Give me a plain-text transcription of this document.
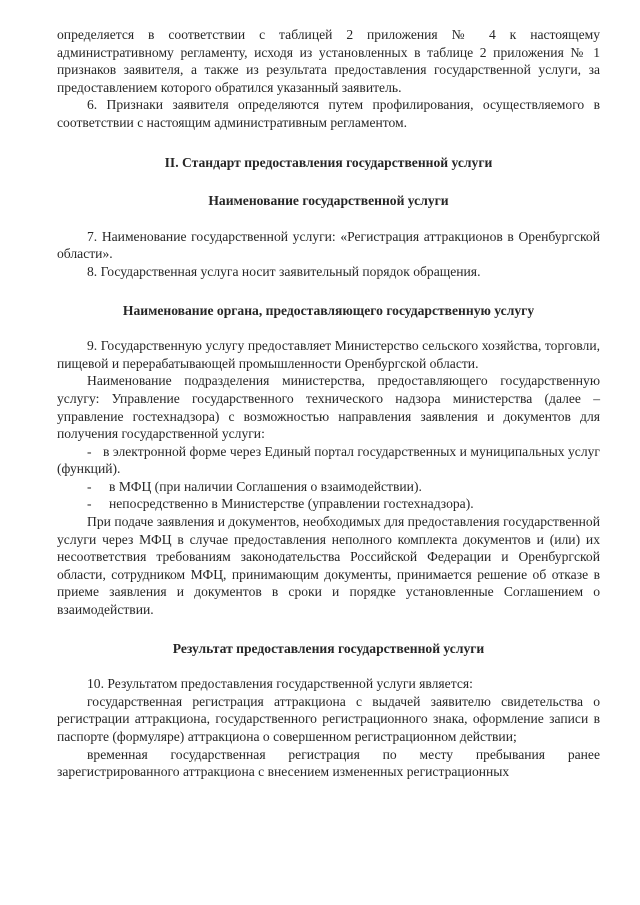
определяется в соответствии с таблицей 2 приложения № 4 к настоящему административному регламенту, исходя из установленных в таблице 2 приложения № 1 признаков заявителя, а также из результата предоставления государственной услуги, за предоставлением которого обратился указанный заявитель.

6. Признаки заявителя определяются путем профилирования, осуществляемого в соответствии с настоящим административным регламентом.

II. Стандарт предоставления государственной услуги

Наименование государственной услуги

7. Наименование государственной услуги: «Регистрация аттракционов в Оренбургской области».

8. Государственная услуга носит заявительный порядок обращения.

Наименование органа, предоставляющего государственную услугу

9. Государственную услугу предоставляет Министерство сельского хозяйства, торговли, пищевой и перерабатывающей промышленности Оренбургской области.

Наименование подразделения министерства, предоставляющего государственную услугу: Управление государственного технического надзора министерства (далее – управление гостехнадзора) с возможностью направления заявления и документов для получения государственной услуги:

- в электронной форме через Единый портал государственных и муниципальных услуг (функций).
-	в МФЦ (при наличии Соглашения о взаимодействии).
-	непосредственно в Министерстве (управлении гостехнадзора).

При подаче заявления и документов, необходимых для предоставления государственной услуги через МФЦ в случае предоставления неполного комплекта документов и (или) их несоответствия требованиям законодательства Российской Федерации и Оренбургской области, сотрудником МФЦ, принимающим документы, принимается решение об отказе в приеме заявления и документов в сроки и порядке установленные Соглашением о взаимодействии.

Результат предоставления государственной услуги

10. Результатом предоставления государственной услуги является:

государственная регистрация аттракциона с выдачей заявителю свидетельства о регистрации аттракциона, государственного регистрационного знака, оформление записи в паспорте (формуляре) аттракциона о совершенном регистрационном действии;

временная государственная регистрация по месту пребывания ранее зарегистрированного аттракциона с внесением измененных регистрационных
